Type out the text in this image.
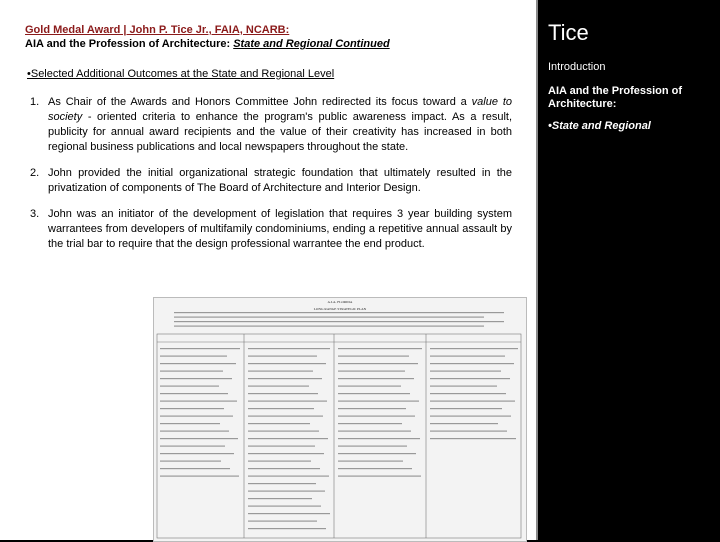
Gold Medal Award | John P. Tice Jr., FAIA, NCARB:
AIA and the Profession of Architecture: State and Regional Continued
•Selected Additional Outcomes at the State and Regional Level
1. As Chair of the Awards and Honors Committee John redirected its focus toward a value to society - oriented criteria to enhance the program's public awareness impact. As a result, publicity for annual award recipients and the value of their creativity has increased in both regional business publications and local newspapers throughout the state.
2. John provided the initial organizational strategic foundation that ultimately resulted in the privatization of components of The Board of Architecture and Interior Design.
3. John was an initiator of the development of legislation that requires 3 year building system warrantees from developers of multifamily condominiums, ending a repetitive annual assault by the trial bar to require that the design professional warrantee the end product.
A.I.A. FLORIDA
LONG RANGE STRATEGIC PLAN
Tice
Introduction
AIA and the Profession of Architecture:
•State and Regional
